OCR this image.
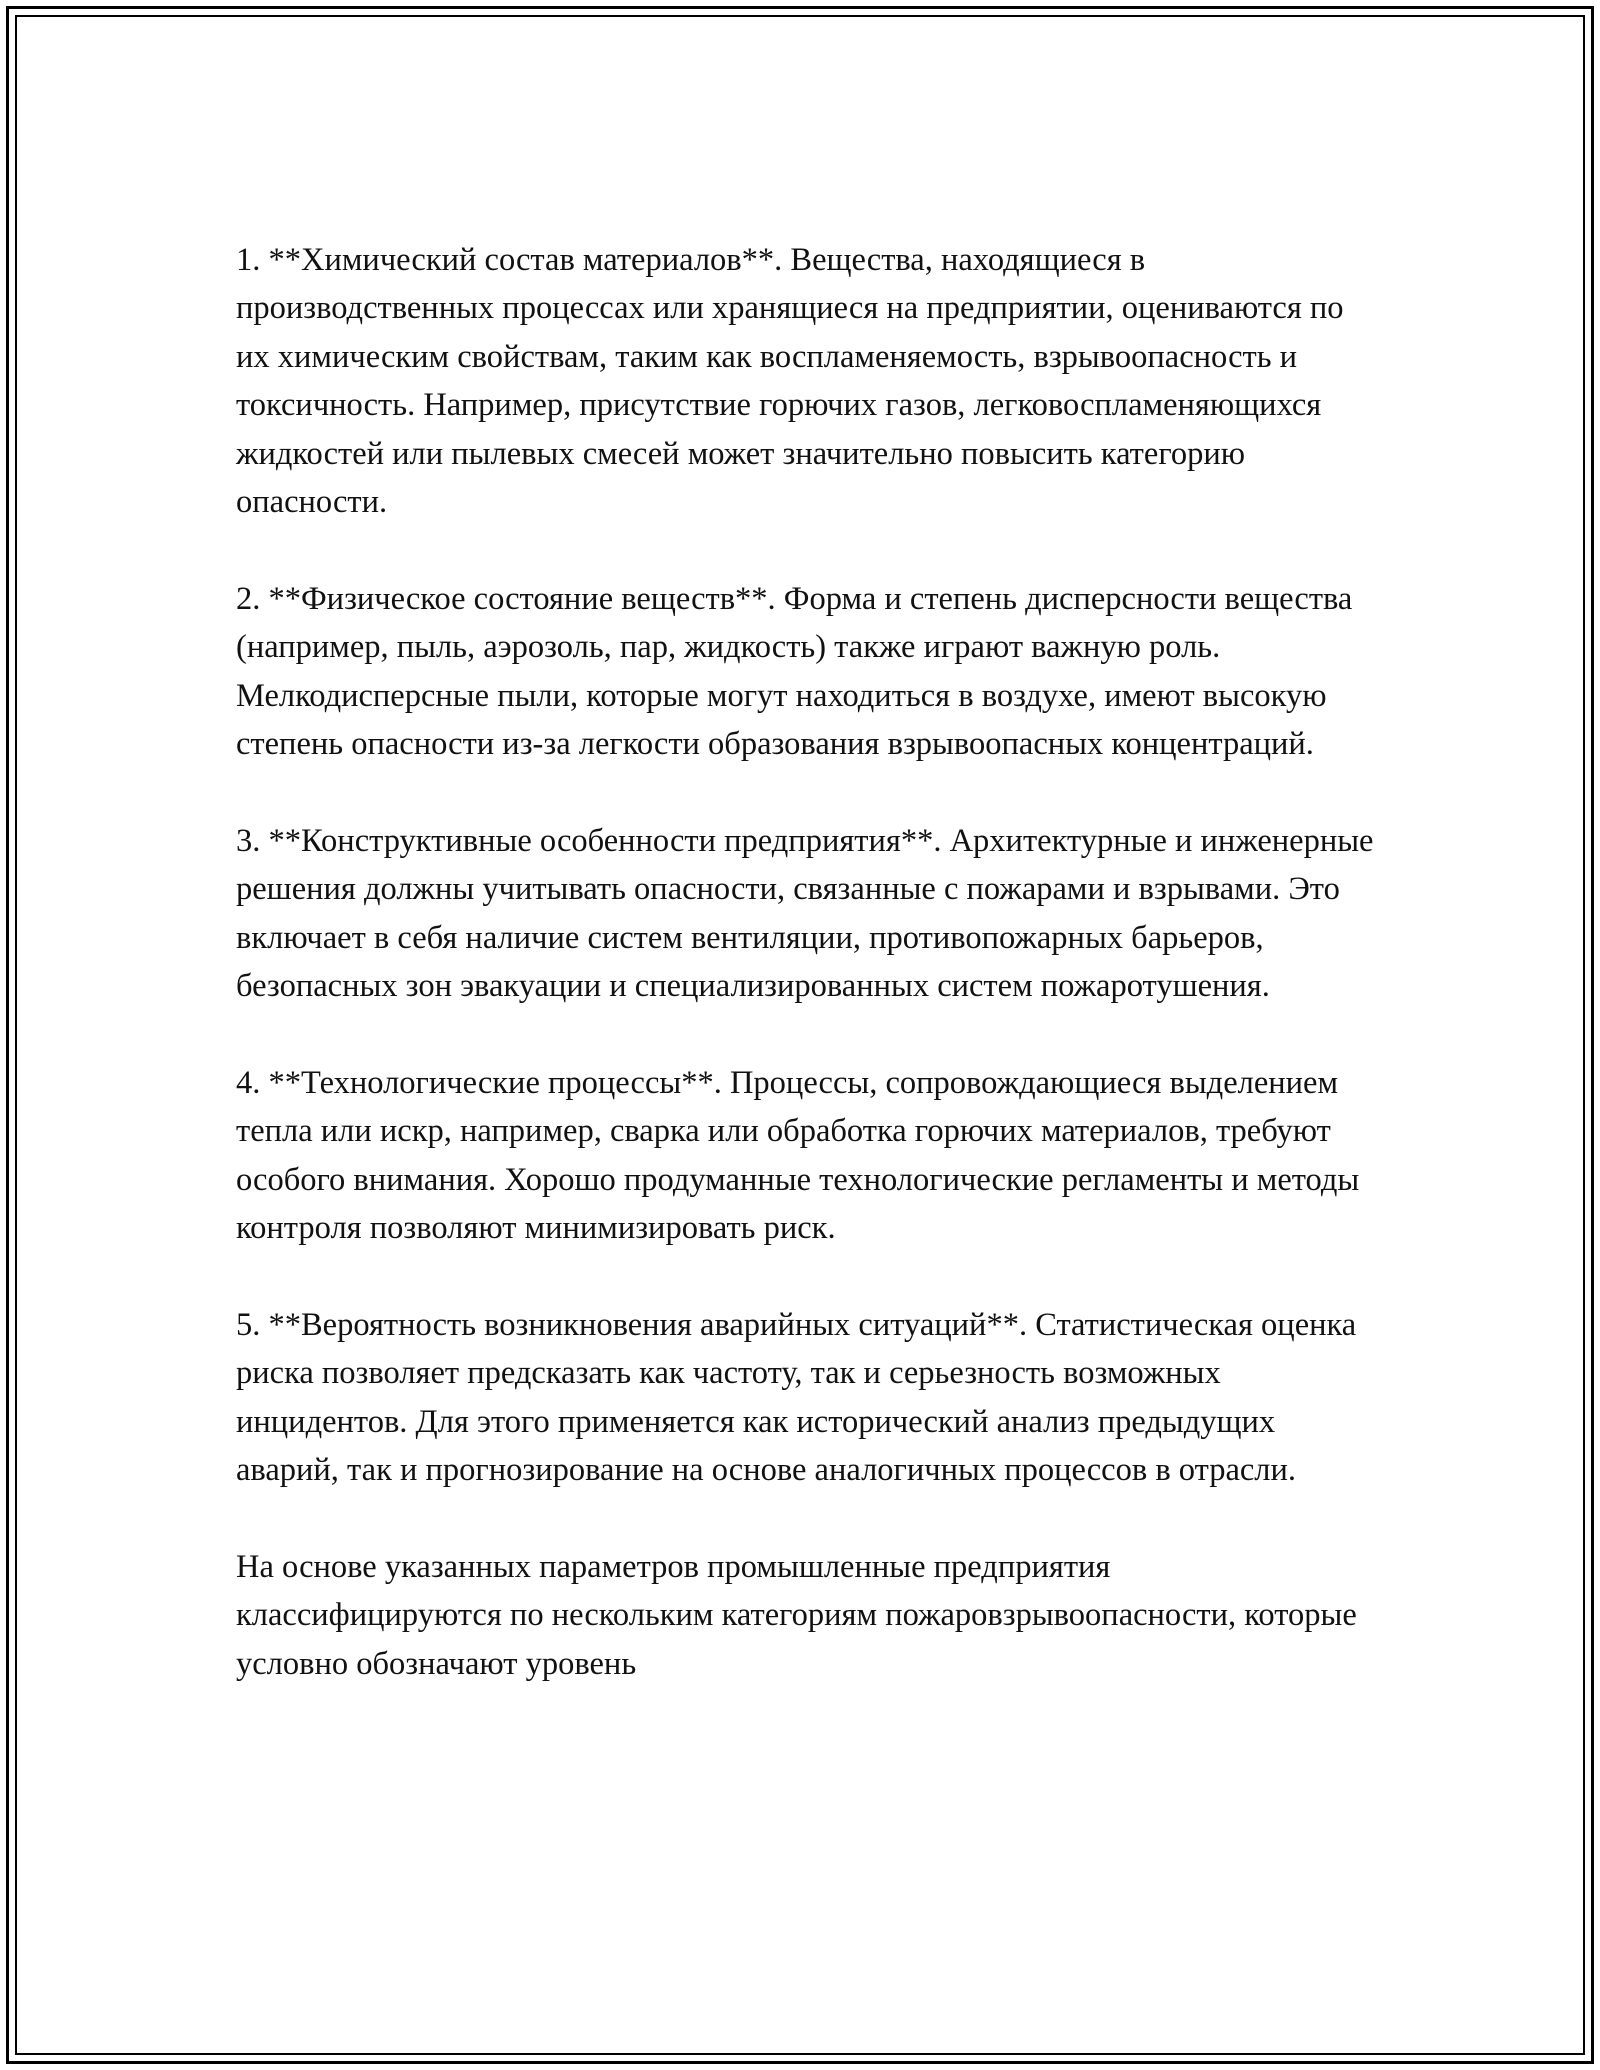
1. **Химический состав материалов**. Вещества, находящиеся в производственных процессах или хранящиеся на предприятии, оцениваются по их химическим свойствам, таким как воспламеняемость, взрывоопасность и токсичность. Например, присутствие горючих газов, легковоспламеняющихся жидкостей или пылевых смесей может значительно повысить категорию опасности.

2. **Физическое состояние веществ**. Форма и степень дисперсности вещества (например, пыль, аэрозоль, пар, жидкость) также играют важную роль. Мелкодисперсные пыли, которые могут находиться в воздухе, имеют высокую степень опасности из-за легкости образования взрывоопасных концентраций.

3. **Конструктивные особенности предприятия**. Архитектурные и инженерные решения должны учитывать опасности, связанные с пожарами и взрывами. Это включает в себя наличие систем вентиляции, противопожарных барьеров, безопасных зон эвакуации и специализированных систем пожаротушения.

4. **Технологические процессы**. Процессы, сопровождающиеся выделением тепла или искр, например, сварка или обработка горючих материалов, требуют особого внимания. Хорошо продуманные технологические регламенты и методы контроля позволяют минимизировать риск.

5. **Вероятность возникновения аварийных ситуаций**. Статистическая оценка риска позволяет предсказать как частоту, так и серьезность возможных инцидентов. Для этого применяется как исторический анализ предыдущих аварий, так и прогнозирование на основе аналогичных процессов в отрасли.

На основе указанных параметров промышленные предприятия классифицируются по нескольким категориям пожаровзрывоопасности, которые условно обозначают уровень
